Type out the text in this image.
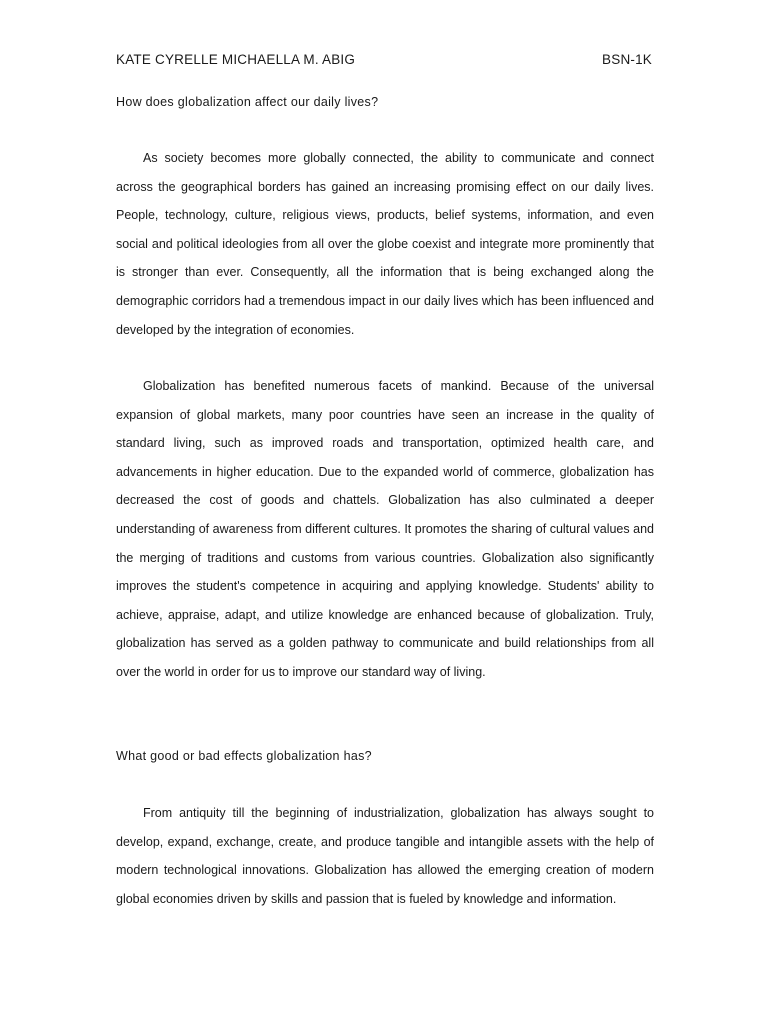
KATE CYRELLE MICHAELLA M. ABIG	BSN-1K
How does globalization affect our daily lives?

As society becomes more globally connected, the ability to communicate and connect across the geographical borders has gained an increasing promising effect on our daily lives. People, technology, culture, religious views, products, belief systems, information, and even social and political ideologies from all over the globe coexist and integrate more prominently that is stronger than ever. Consequently, all the information that is being exchanged along the demographic corridors had a tremendous impact in our daily lives which has been influenced and developed by the integration of economies.

Globalization has benefited numerous facets of mankind. Because of the universal expansion of global markets, many poor countries have seen an increase in the quality of standard living, such as improved roads and transportation, optimized health care, and advancements in higher education. Due to the expanded world of commerce, globalization has decreased the cost of goods and chattels. Globalization has also culminated a deeper understanding of awareness from different cultures. It promotes the sharing of cultural values and the merging of traditions and customs from various countries. Globalization also significantly improves the student's competence in acquiring and applying knowledge. Students' ability to achieve, appraise, adapt, and utilize knowledge are enhanced because of globalization. Truly, globalization has served as a golden pathway to communicate and build relationships from all over the world in order for us to improve our standard way of living.

What good or bad effects globalization has?

From antiquity till the beginning of industrialization, globalization has always sought to develop, expand, exchange, create, and produce tangible and intangible assets with the help of modern technological innovations. Globalization has allowed the emerging creation of modern global economies driven by skills and passion that is fueled by knowledge and information.
